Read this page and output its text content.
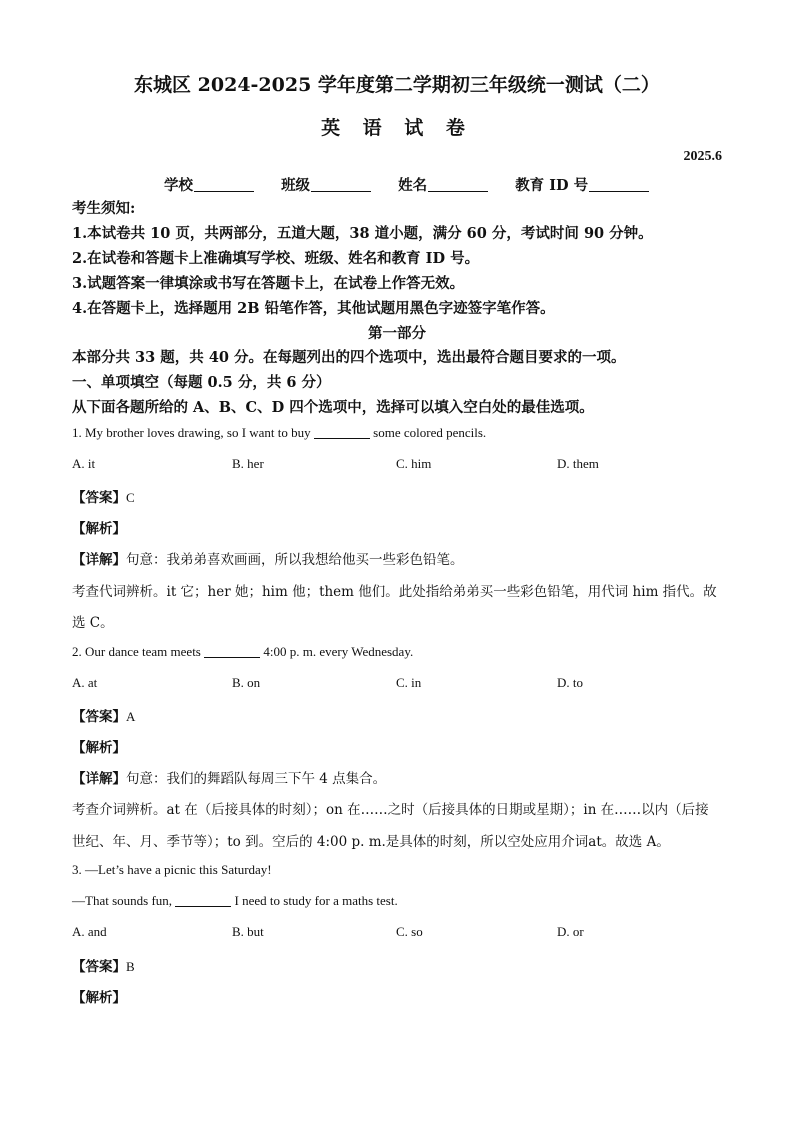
东城区 2024-2025 学年度第二学期初三年级统一测试（二）
英 语 试 卷
2025.6
学校	班级	姓名	教育 ID 号
考生须知:
1.本试卷共 10 页，共两部分，五道大题，38 道小题，满分 60 分，考试时间 90 分钟。
2.在试卷和答题卡上准确填写学校、班级、姓名和教育 ID 号。
3.试题答案一律填涂或书写在答题卡上，在试卷上作答无效。
4.在答题卡上，选择题用 2B 铅笔作答，其他试题用黑色字迹签字笔作答。
第一部分
本部分共 33 题，共 40 分。在每题列出的四个选项中，选出最符合题目要求的一项。
一、单项填空（每题 0.5 分，共 6 分）
从下面各题所给的 A、B、C、D 四个选项中，选择可以填入空白处的最佳选项。
1. My brother loves drawing, so I want to buy	some colored pencils.
A. it	B. her	C. him	D. them
【答案】C
【解析】
【详解】句意：我弟弟喜欢画画，所以我想给他买一些彩色铅笔。
考查代词辨析。it 它；her 她；him 他；them 他们。此处指给弟弟买一些彩色铅笔，用代词 him 指代。故
选 C。
2. Our dance team meets	4:00 p. m. every Wednesday.
A. at	B. on	C. in	D. to
【答案】A
【解析】
【详解】句意：我们的舞蹈队每周三下午 4 点集合。
考查介词辨析。at 在（后接具体的时刻）；on 在……之时（后接具体的日期或星期）；in 在……以内（后接
世纪、年、月、季节等）；to 到。空后的 4:00 p. m.是具体的时刻，所以空处应用介词at。故选 A。
3. —Let’s have a picnic this Saturday!
—That sounds fun,	I need to study for a maths test.
A. and	B. but	C. so	D. or
【答案】B
【解析】
